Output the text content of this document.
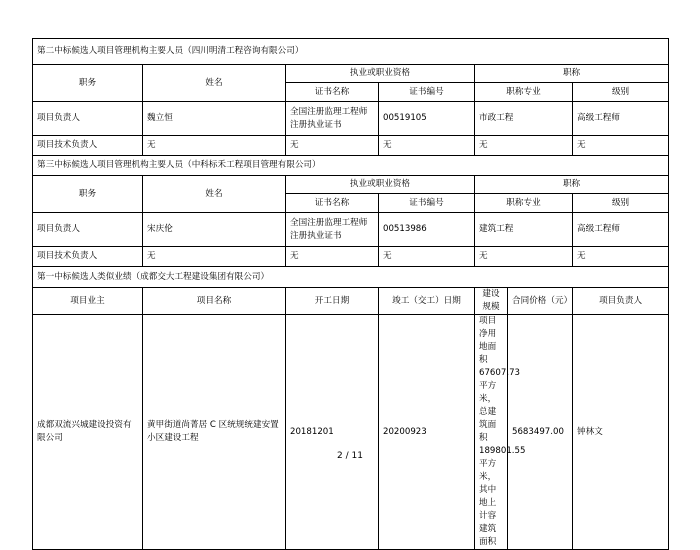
第二中标候选人项目管理机构主要人员（四川明清工程咨询有限公司）						
职务	姓名	执业或职业资格		职称		
		证书名称	证书编号	职称专业		级别
项目负责人	魏立恒	全国注册监理工程师注册执业证书	00519105	市政工程		高级工程师
项目技术负责人	无	无	无	无		无
第三中标候选人项目管理机构主要人员（中科标禾工程项目管理有限公司）						
职务	姓名	执业或职业资格		职称		
		证书名称	证书编号	职称专业		级别
项目负责人	宋庆伦	全国注册监理工程师注册执业证书	00513986	建筑工程		高级工程师
项目技术负责人	无	无	无	无		无
第一中标候选人类似业绩（成都交大工程建设集团有限公司）						
项目业主	项目名称	开工日期	竣工（交工）日期	建设规模	合同价格（元）	项目负责人
成都双流兴城建设投资有限公司	黄甲街道尚菁居 C 区统规统建安置小区建设工程	20181201	20200923	项目净用地面积67607.73 平方米，总建筑面积189801.55 平方米，其中地上计容建筑面积	5683497.00	钟林文
2 / 11
